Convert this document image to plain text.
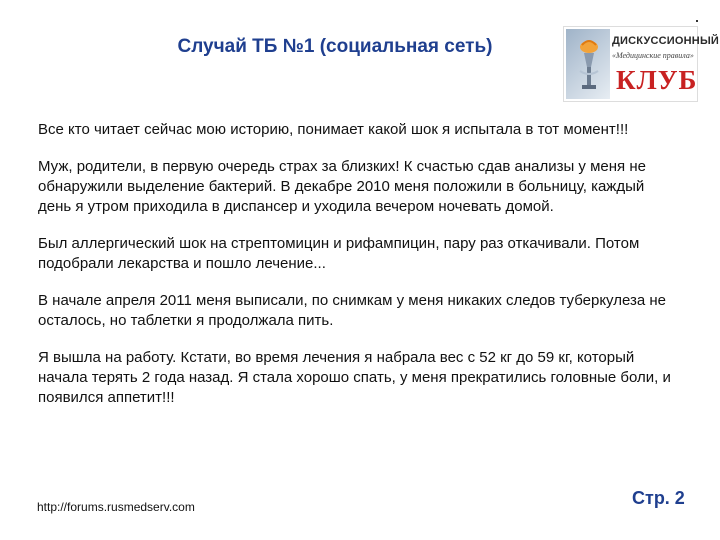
Случай ТБ №1 (социальная сеть)	ДИСКУССИОННЫЙ
«Медицинские правила»
КЛУБ

Все кто читает сейчас мою историю, понимает какой шок я испытала в тот момент!!!

Муж, родители, в первую очередь страх за близких! К счастью сдав анализы у меня не обнаружили выделение бактерий. В декабре 2010 меня положили в больницу, каждый день я утром приходила в диспансер и уходила вечером ночевать домой.

Был аллергический шок на стрептомицин и рифампицин, пару раз откачивали. Потом подобрали лекарства и пошло лечение...

В начале апреля 2011 меня выписали, по снимкам у меня никаких следов туберкулеза не осталось, но таблетки я продолжала пить.

Я вышла на работу. Кстати, во время лечения я набрала вес с 52 кг до 59 кг, который начала терять 2 года назад. Я стала хорошо спать, у меня прекратились головные боли, и появился аппетит!!!

http://forums.rusmedserv.com	Стр. 2
